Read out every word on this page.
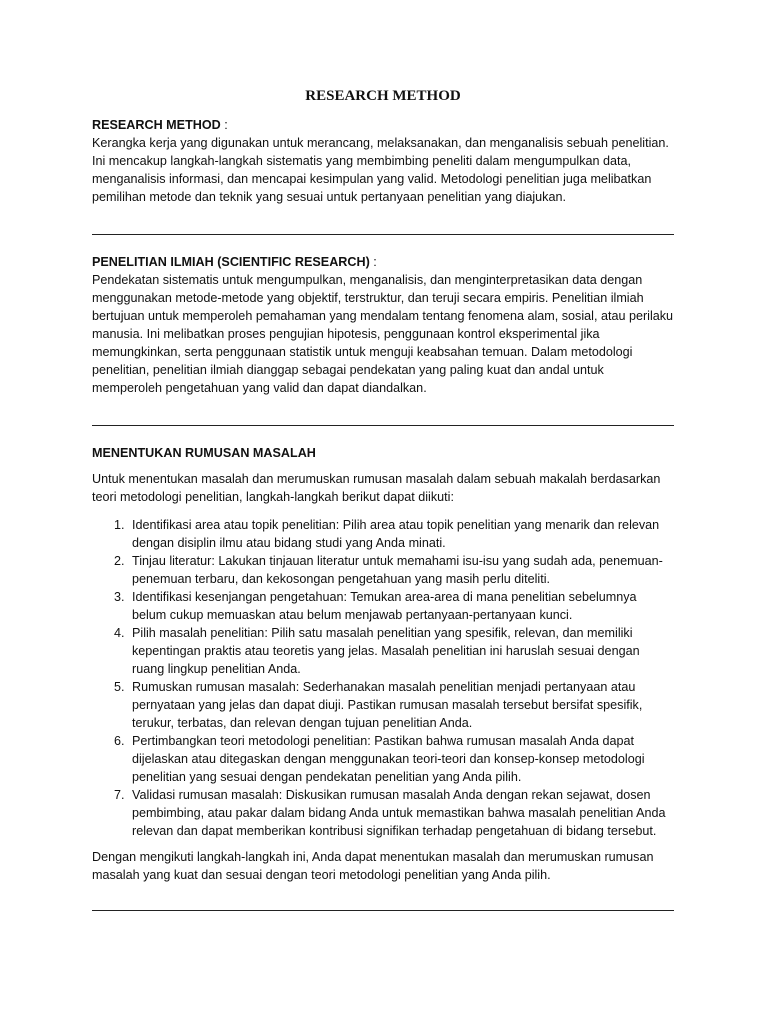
RESEARCH METHOD
RESEARCH METHOD :

Kerangka kerja yang digunakan untuk merancang, melaksanakan, dan menganalisis sebuah penelitian. Ini mencakup langkah-langkah sistematis yang membimbing peneliti dalam mengumpulkan data, menganalisis informasi, dan mencapai kesimpulan yang valid. Metodologi penelitian juga melibatkan pemilihan metode dan teknik yang sesuai untuk pertanyaan penelitian yang diajukan.

PENELITIAN ILMIAH (SCIENTIFIC RESEARCH) :

Pendekatan sistematis untuk mengumpulkan, menganalisis, dan menginterpretasikan data dengan menggunakan metode-metode yang objektif, terstruktur, dan teruji secara empiris. Penelitian ilmiah bertujuan untuk memperoleh pemahaman yang mendalam tentang fenomena alam, sosial, atau perilaku manusia. Ini melibatkan proses pengujian hipotesis, penggunaan kontrol eksperimental jika memungkinkan, serta penggunaan statistik untuk menguji keabsahan temuan. Dalam metodologi penelitian, penelitian ilmiah dianggap sebagai pendekatan yang paling kuat dan andal untuk memperoleh pengetahuan yang valid dan dapat diandalkan.

MENENTUKAN RUMUSAN MASALAH

Untuk menentukan masalah dan merumuskan rumusan masalah dalam sebuah makalah berdasarkan teori metodologi penelitian, langkah-langkah berikut dapat diikuti:

1. Identifikasi area atau topik penelitian: Pilih area atau topik penelitian yang menarik dan relevan dengan disiplin ilmu atau bidang studi yang Anda minati.
2. Tinjau literatur: Lakukan tinjauan literatur untuk memahami isu-isu yang sudah ada, penemuan-penemuan terbaru, dan kekosongan pengetahuan yang masih perlu diteliti.
3. Identifikasi kesenjangan pengetahuan: Temukan area-area di mana penelitian sebelumnya belum cukup memuaskan atau belum menjawab pertanyaan-pertanyaan kunci.
4. Pilih masalah penelitian: Pilih satu masalah penelitian yang spesifik, relevan, dan memiliki kepentingan praktis atau teoretis yang jelas. Masalah penelitian ini haruslah sesuai dengan ruang lingkup penelitian Anda.
5. Rumuskan rumusan masalah: Sederhanakan masalah penelitian menjadi pertanyaan atau pernyataan yang jelas dan dapat diuji. Pastikan rumusan masalah tersebut bersifat spesifik, terukur, terbatas, dan relevan dengan tujuan penelitian Anda.
6. Pertimbangkan teori metodologi penelitian: Pastikan bahwa rumusan masalah Anda dapat dijelaskan atau ditegaskan dengan menggunakan teori-teori dan konsep-konsep metodologi penelitian yang sesuai dengan pendekatan penelitian yang Anda pilih.
7. Validasi rumusan masalah: Diskusikan rumusan masalah Anda dengan rekan sejawat, dosen pembimbing, atau pakar dalam bidang Anda untuk memastikan bahwa masalah penelitian Anda relevan dan dapat memberikan kontribusi signifikan terhadap pengetahuan di bidang tersebut.

Dengan mengikuti langkah-langkah ini, Anda dapat menentukan masalah dan merumuskan rumusan masalah yang kuat dan sesuai dengan teori metodologi penelitian yang Anda pilih.
